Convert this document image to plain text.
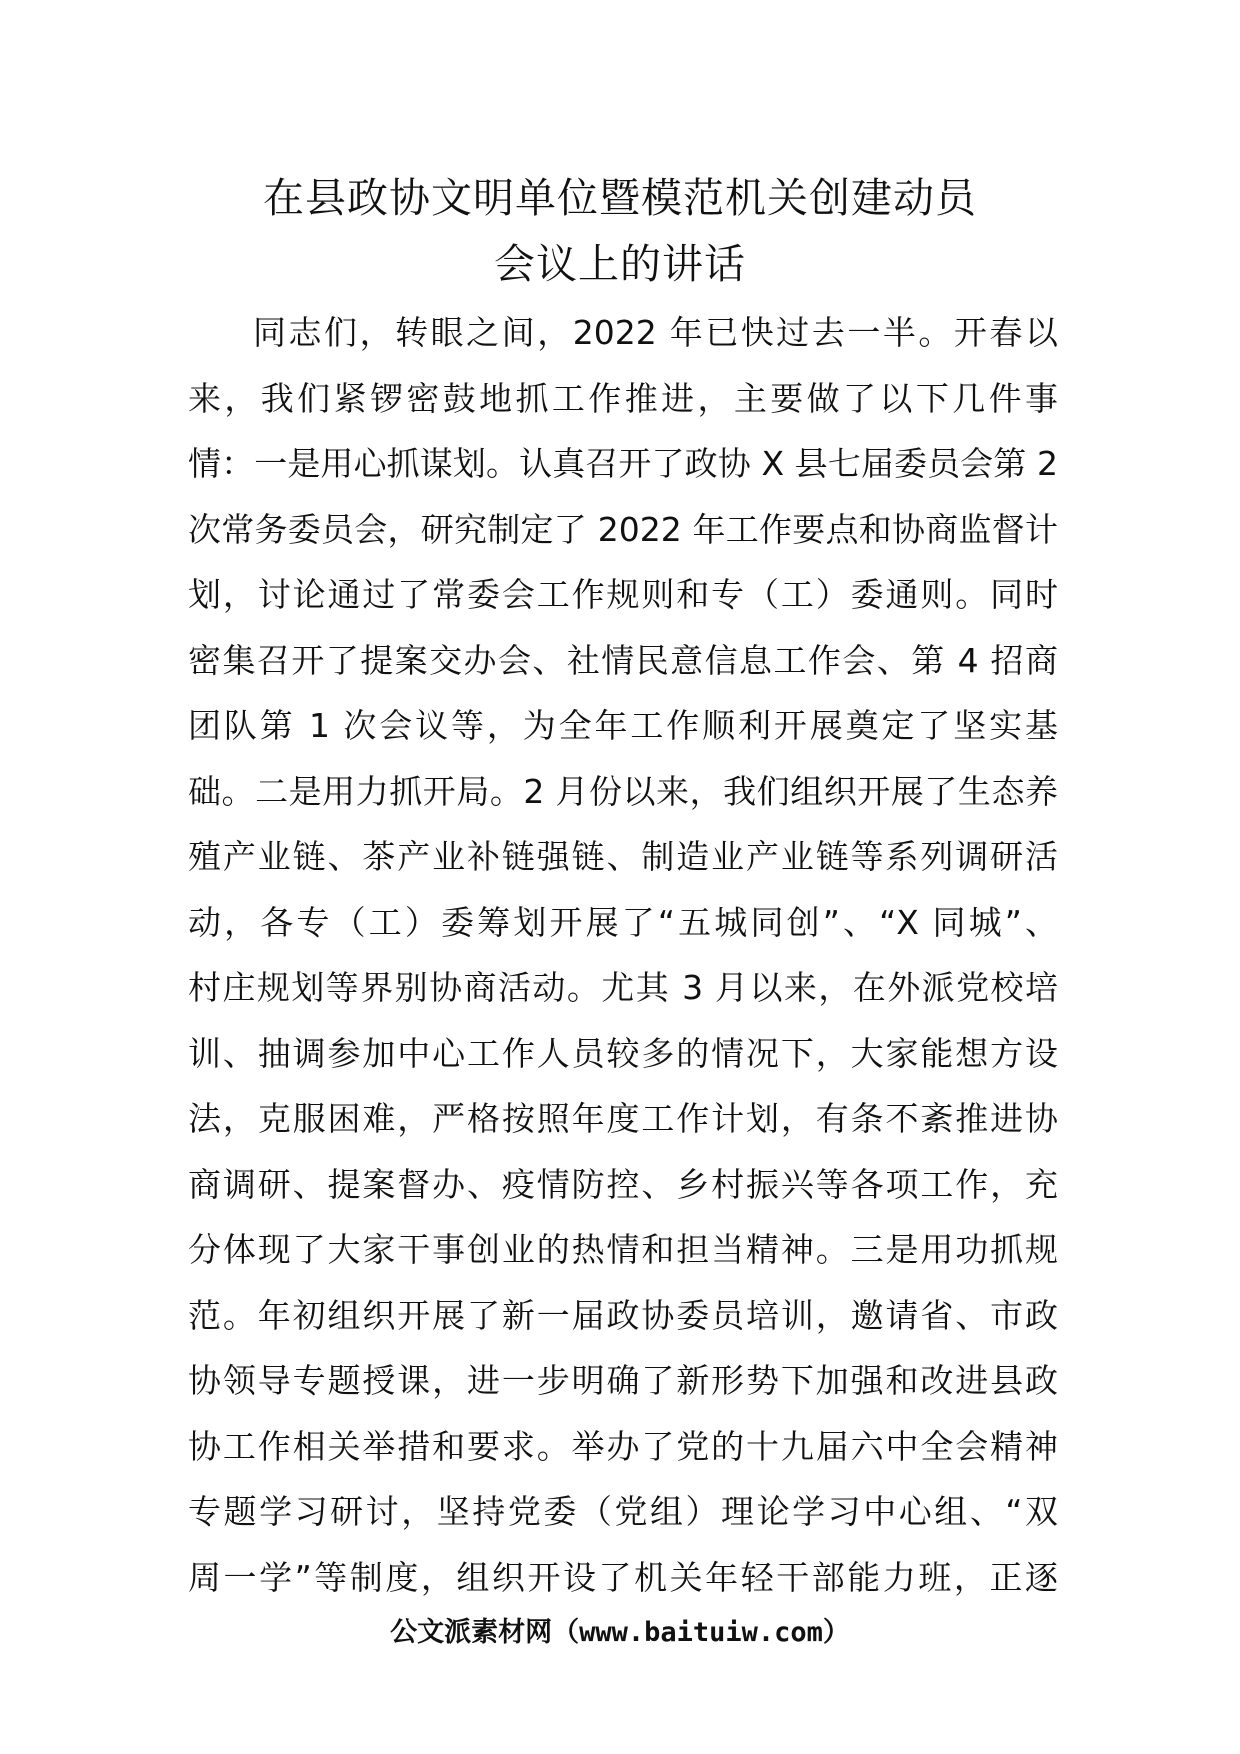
在县政协文明单位暨模范机关创建动员
会议上的讲话
同志们，转眼之间，2022 年已快过去一半。开春以
来，我们紧锣密鼓地抓工作推进，主要做了以下几件事
情：一是用心抓谋划。认真召开了政协 X 县七届委员会第 2
次常务委员会，研究制定了 2022 年工作要点和协商监督计
划，讨论通过了常委会工作规则和专（工）委通则。同时
密集召开了提案交办会、社情民意信息工作会、第 4 招商
团队第 1 次会议等，为全年工作顺利开展奠定了坚实基
础。二是用力抓开局。2 月份以来，我们组织开展了生态养
殖产业链、茶产业补链强链、制造业产业链等系列调研活
动，各专（工）委筹划开展了“五城同创”、“X 同城”、
村庄规划等界别协商活动。尤其 3 月以来，在外派党校培
训、抽调参加中心工作人员较多的情况下，大家能想方设
法，克服困难，严格按照年度工作计划，有条不紊推进协
商调研、提案督办、疫情防控、乡村振兴等各项工作，充
分体现了大家干事创业的热情和担当精神。三是用功抓规
范。年初组织开展了新一届政协委员培训，邀请省、市政
协领导专题授课，进一步明确了新形势下加强和改进县政
协工作相关举措和要求。举办了党的十九届六中全会精神
专题学习研讨，坚持党委（党组）理论学习中心组、“双
周一学”等制度，组织开设了机关年轻干部能力班，正逐
公文派素材网（www.baituiw.com）
